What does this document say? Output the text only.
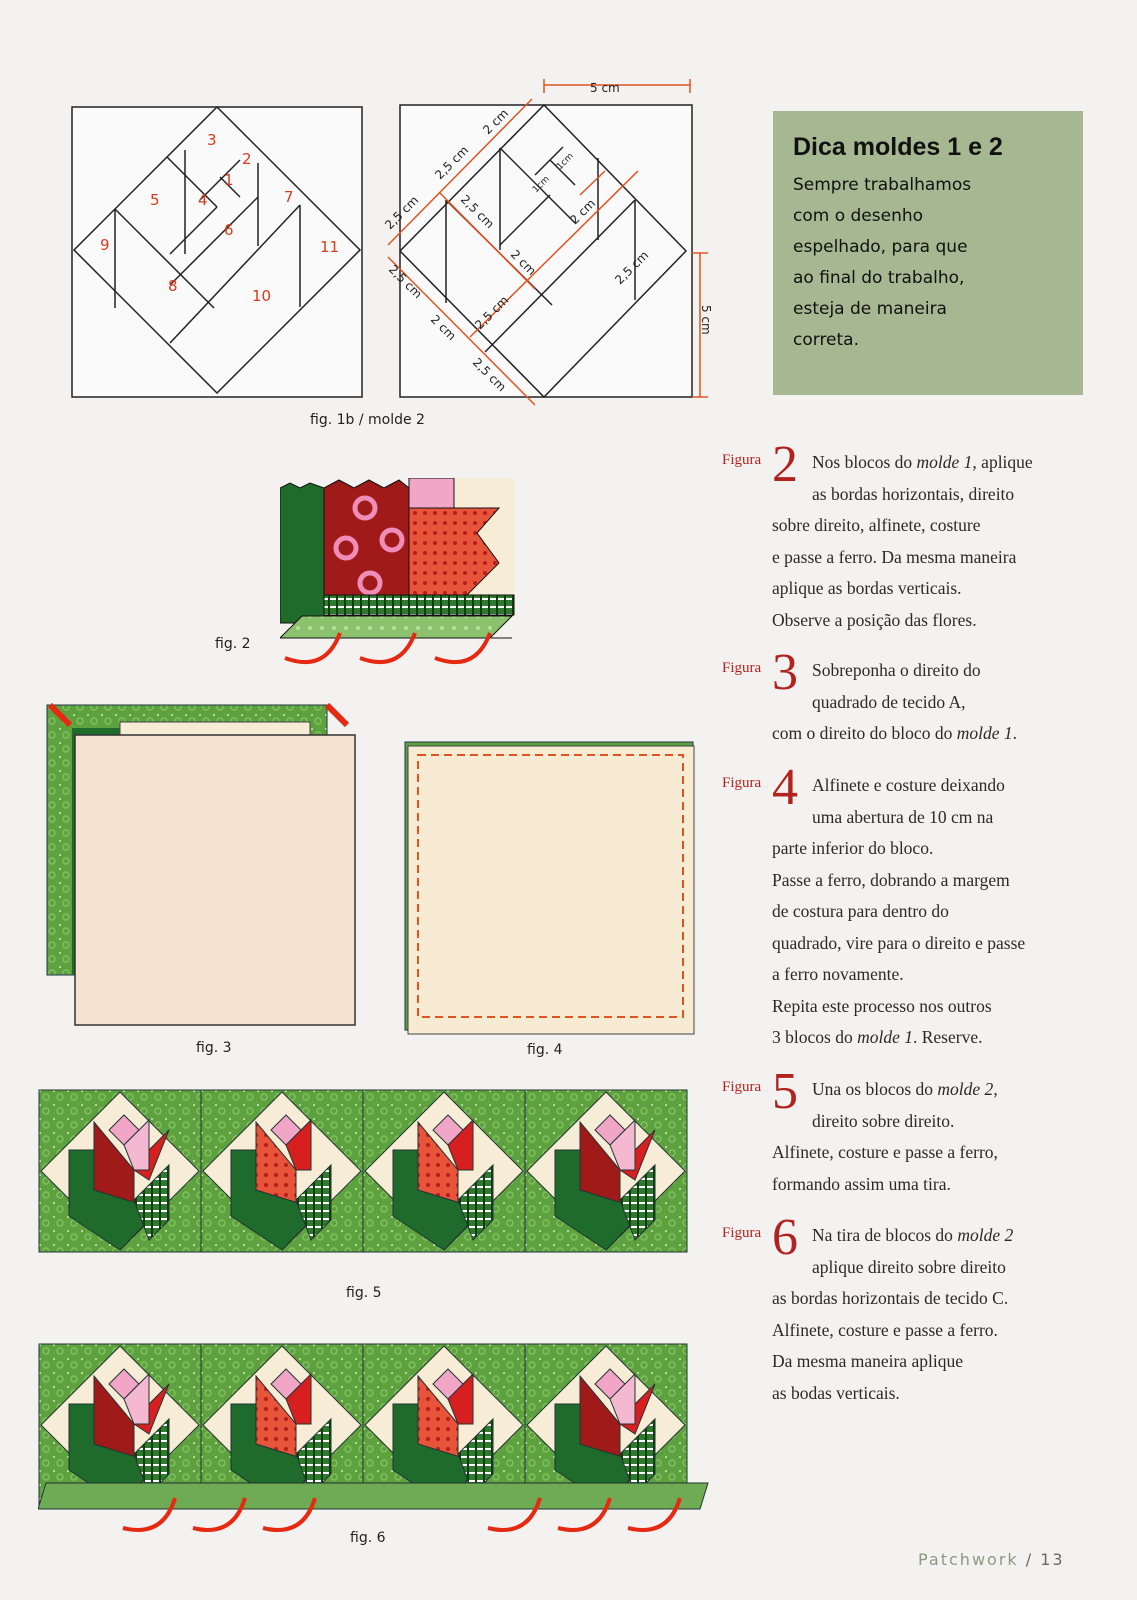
3
2
1
4
5
6
7
9
8
10
11
5 cm
5 cm
2,5 cm
2,5 cm
2 cm
2,5 cm
2 cm
2,5 cm
2,5 cm
2 cm
2,5 cm
1cm
1cm
2 cm
2,5 cm
fig. 1b / molde 2
Dica moldes 1 e 2

Sempre trabalhamos

com o desenho

espelhado, para que

ao final do trabalho,

esteja de maneira

correta.

fig. 2
fig. 3	fig. 4
fig. 5
fig. 6
Figura 2 Nos blocos do molde 1, aplique
as bordas horizontais, direito
sobre direito, alfinete, costure
e passe a ferro. Da mesma maneira
aplique as bordas verticais.
Observe a posição das flores.
Figura 3 Sobreponha o direito do
quadrado de tecido A,
com o direito do bloco do molde 1.
Figura 4 Alfinete e costure deixando
uma abertura de 10 cm na
parte inferior do bloco.
Passe a ferro, dobrando a margem
de costura para dentro do
quadrado, vire para o direito e passe
a ferro novamente.
Repita este processo nos outros
3 blocos do molde 1. Reserve.
Figura 5 Una os blocos do molde 2,
direito sobre direito.
Alfinete, costure e passe a ferro,
formando assim uma tira.
Figura 6 Na tira de blocos do molde 2
aplique direito sobre direito
as bordas horizontais de tecido C.
Alfinete, costure e passe a ferro.
Da mesma maneira aplique
as bodas verticais.
Patchwork / 13
